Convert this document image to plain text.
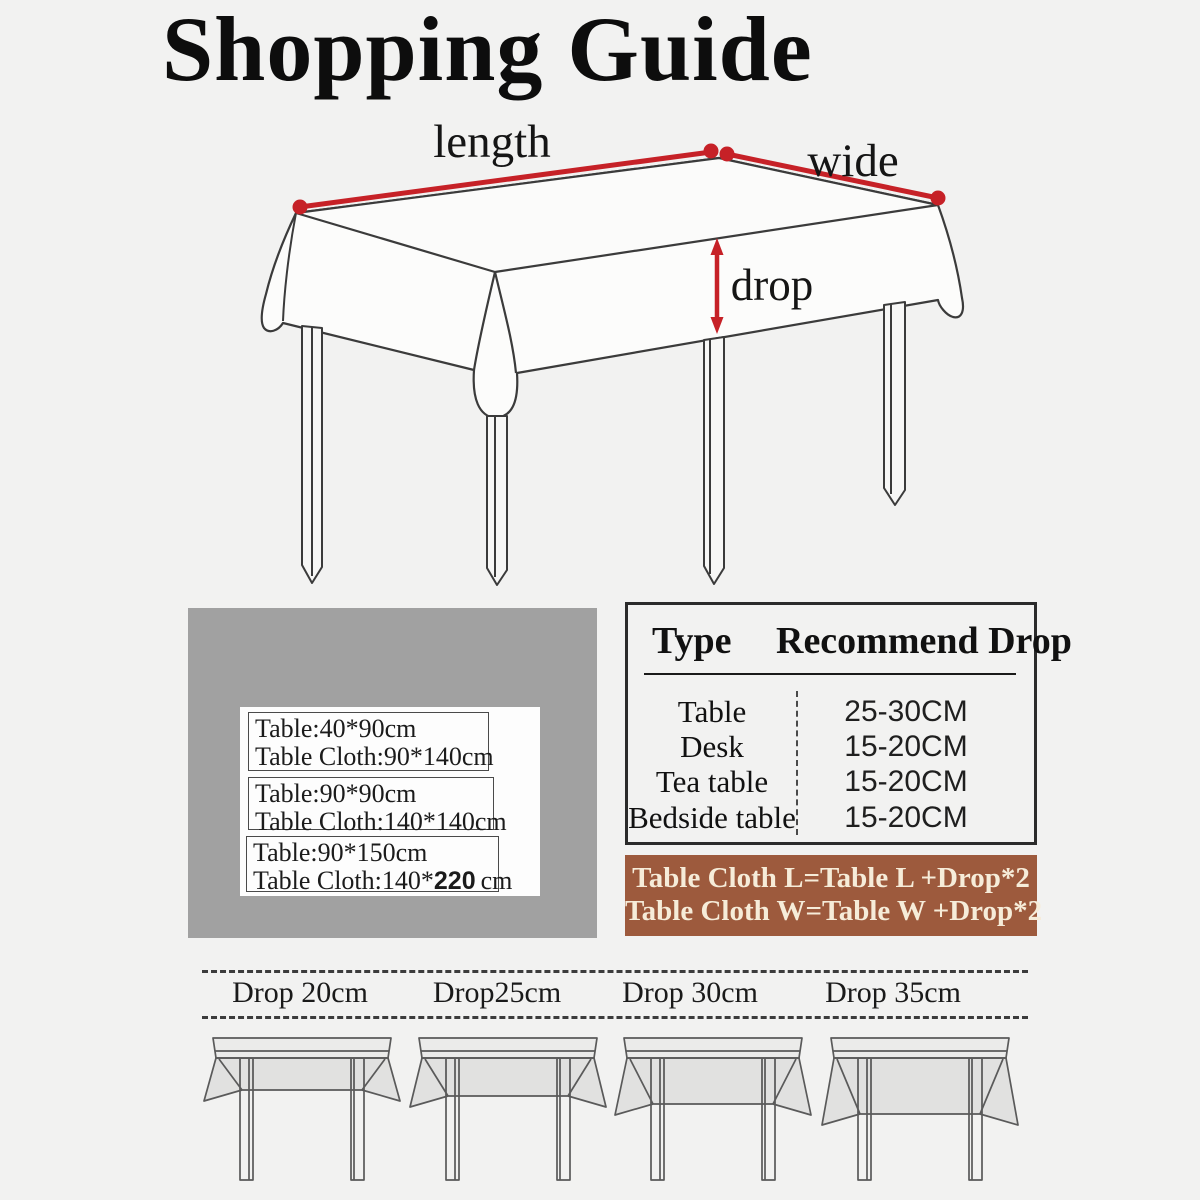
Shopping Guide
length	wide
drop
Table:40*90cm
Table Cloth:90*140cm
Table:90*90cm
Table Cloth:140*140cm
Table:90*150cm
Table Cloth:140*220 cm
Type Recommend Drop
Table	25-30CM
Desk	15-20CM
Tea table	15-20CM
Bedside table	15-20CM
Table Cloth L=Table L +Drop*2
Table Cloth W=Table W +Drop*2
Drop 20cm	Drop25cm	Drop 30cm	Drop 35cm
